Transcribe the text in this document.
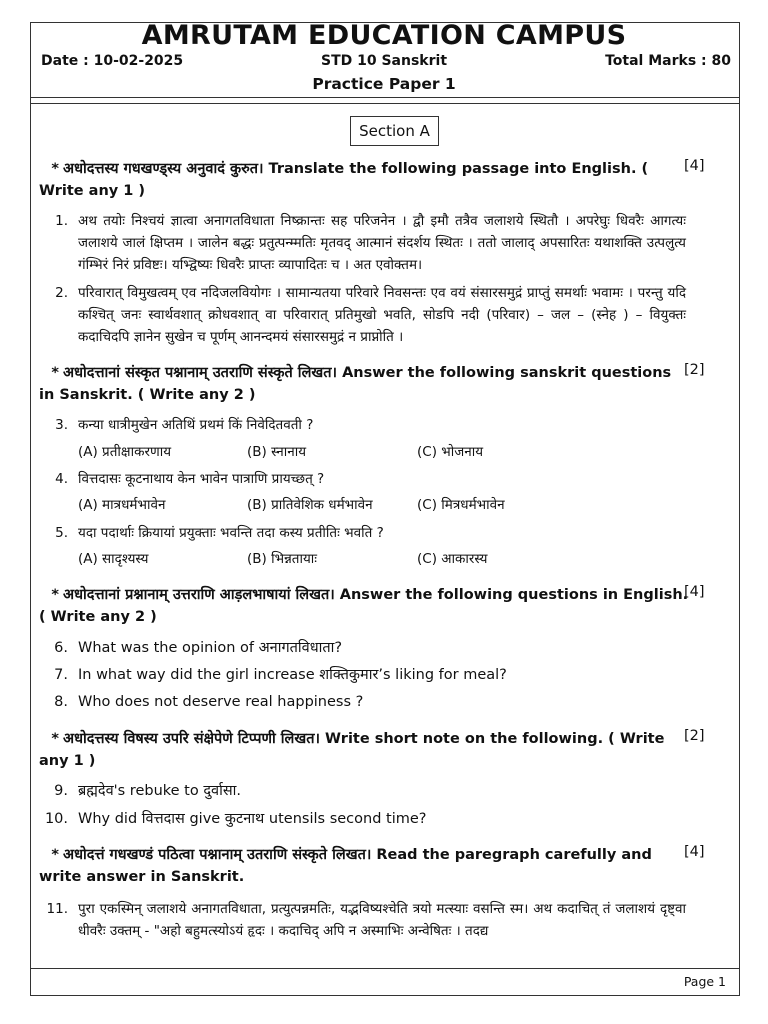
AMRUTAM EDUCATION CAMPUS
Date : 10-02-2025	STD 10 Sanskrit	Total Marks : 80
Practice Paper 1
Section A
* अधोदत्तस्य गधखण्ड्स्य अनुवादं कुरुत। Translate the following passage into English. ( Write any 1 )
[4]
1. अथ तयोः निश्चयं ज्ञात्वा अनागतविधाता निष्क्रान्तः सह परिजनेन । द्वौ इमौ तत्रैव जलाशये स्थितौ । अपरेघुः धिवरैः आगत्यः जलाशये जालं क्षिप्तम । जालेन बद्धः प्रतुत्पन्म्मतिः मृतवद् आत्मानं संदर्शय स्थितः । ततो जालाद् अपसारितः यथाशक्ति उत्पलुत्य गंम्भिरं निरं प्रविष्टः। यभ्द्विष्यः धिवरैः प्राप्तः व्यापादितः च । अत एवोक्तम।
2. परिवारात् विमुखत्वम् एव नदिजलवियोगः । सामान्यतया परिवारे निवसन्तः एव वयं संसारसमुद्रं प्राप्तुं समर्थाः भवामः । परन्तु यदि कश्चित् जनः स्वार्थवशात् क्रोधवशात् वा परिवारात् प्रतिमुखो भवति, सोडपि नदी (परिवार) – जल – (स्नेह ) – वियुक्तः कदाचिदपि ज्ञानेन सुखेन च पूर्णम् आनन्दमयं संसारसमुद्रं न प्राप्नोति ।
* अधोदत्तानां संस्कृत पश्नानाम् उतराणि संस्कृते लिखत। Answer the following sanskrit questions in Sanskrit. ( Write any 2 )
[2]
3. कन्या धात्रीमुखेन अतिथिं प्रथमं किं निवेदितवती ?
(A) प्रतीक्षाकरणाय	(B) स्नानाय	(C) भोजनाय
4. वित्तदासः कूटनाथाय केन भावेन पात्राणि प्रायच्छत् ?
(A) मात्रधर्मभावेन	(B) प्रातिवेशिक धर्मभावेन	(C) मित्रधर्मभावेन
5. यदा पदार्थाः क्रियायां प्रयुक्ताः भवन्ति तदा कस्य प्रतीतिः भवति ?
(A) सादृश्यस्य	(B) भिन्नतायाः	(C) आकारस्य
* अधोदत्तानां प्रश्नानाम् उत्तराणि आड़लभाषायां लिखत। Answer the following questions in English. ( Write any 2 )
[4]
6. What was the opinion of अनागतविधाता?
7. In what way did the girl increase शक्तिकुमार’s liking for meal?
8. Who does not deserve real happiness ?
* अधोदत्तस्य विषस्य उपरि संक्षेपेणे टिप्पणी लिखत। Write short note on the following. ( Write any 1 )
[2]
9. ब्रह्मदेव's rebuke to दुर्वासा.
10. Why did वित्तदास give कुटनाथ utensils second time?
* अधोदत्तं गधखण्डं पठित्वा पश्नानाम् उतराणि संस्कृते लिखत। Read the paregraph carefully and write answer in Sanskrit.
[4]
11. पुरा एकस्मिन् जलाशये अनागतविधाता, प्रत्युत्पन्नमतिः, यद्भविष्यश्चेति त्रयो मत्स्याः वसन्ति स्म। अथ कदाचित् तं जलाशयं दृष्ट्वा धीवरैः उक्तम् - "अहो बहुमत्स्योऽयं हृदः । कदाचिद् अपि न अस्माभिः अन्वेषितः । तदद्य
Page 1
